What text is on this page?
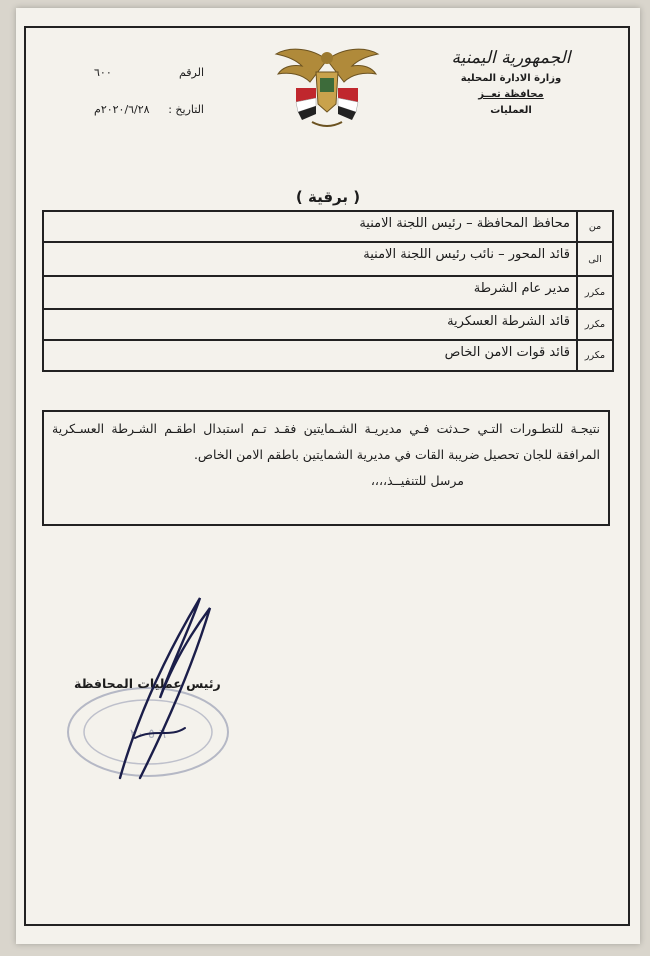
الجمهورية اليمنية
وزارة الادارة المحلية
محافظة تعــز
العمليات
الرقم
٦٠٠
التاريخ :
٢٠٢٠/٦/٢٨م
( برقية )
من
محافظ المحافظة – رئيس اللجنة الامنية
الى
قائد المحور – نائب رئيس اللجنة الامنية
مكرر
مدير عام الشرطة
مكرر
قائد الشرطة العسكرية
مكرر
قائد قوات الامن الخاص

نتيجـة للتطـورات التـي حـدثت فـي مديريـة الشـمايتين فقـد تـم استبدال اطقـم الشـرطة العسـكرية المرافقة للجان تحصيل ضريبة القات في مديرية الشمايتين باطقم الامن الخاص.

مرسل للتنفيــذ،،،،

٦ ٥ ٢٠
رئيس عمليات المحافظة
